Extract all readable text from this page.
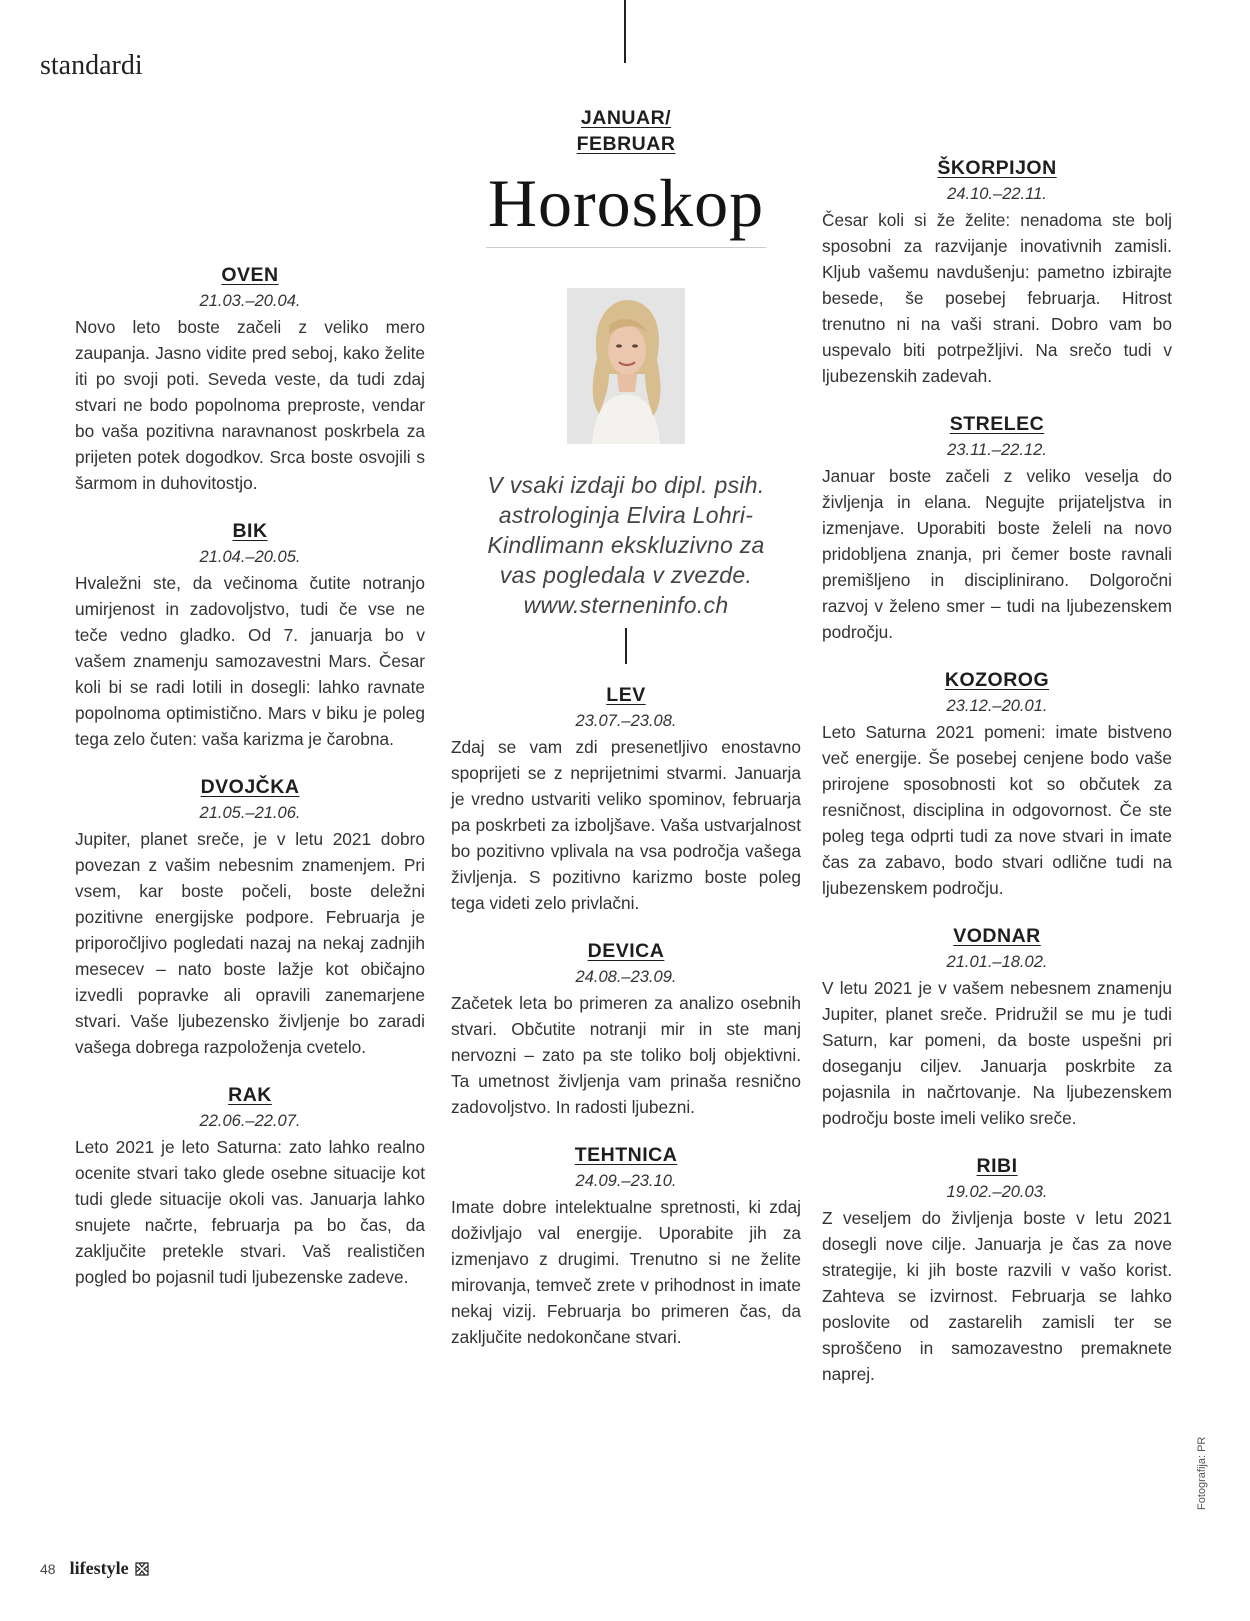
standardi
OVEN
21.03.–20.04.

Novo leto boste začeli z veliko mero zaupanja. Jasno vidite pred seboj, kako želite iti po svoji poti. Seveda veste, da tudi zdaj stvari ne bodo popolnoma preproste, vendar bo vaša pozitivna naravnanost poskrbela za prijeten potek dogodkov. Srca boste osvojili s šarmom in duhovitostjo.

BIK
21.04.–20.05.

Hvaležni ste, da večinoma čutite notranjo umirjenost in zadovoljstvo, tudi če vse ne teče vedno gladko. Od 7. januarja bo v vašem znamenju samozavestni Mars. Česar koli bi se radi lotili in dosegli: lahko ravnate popolnoma optimistično. Mars v biku je poleg tega zelo čuten: vaša karizma je čarobna.

DVOJČKA
21.05.–21.06.

Jupiter, planet sreče, je v letu 2021 dobro povezan z vašim nebesnim znamenjem. Pri vsem, kar boste počeli, boste deležni pozitivne energijske podpore. Februarja je priporočljivo pogledati nazaj na nekaj zadnjih mesecev – nato boste lažje kot običajno izvedli popravke ali opravili zanemarjene stvari. Vaše ljubezensko življenje bo zaradi vašega dobrega razpoloženja cvetelo.

RAK
22.06.–22.07.

Leto 2021 je leto Saturna: zato lahko realno ocenite stvari tako glede osebne situacije kot tudi glede situacije okoli vas. Januarja lahko snujete načrte, februarja pa bo čas, da zaključite pretekle stvari. Vaš realističen pogled bo pojasnil tudi ljubezenske zadeve.

JANUAR/
FEBRUAR
Horoskop
V vsaki izdaji bo dipl. psih.
astrologinja Elvira Lohri-
Kindlimann ekskluzivno za
vas pogledala v zvezde.
www.sterneninfo.ch
LEV
23.07.–23.08.

Zdaj se vam zdi presenetljivo enostavno spoprijeti se z neprijetnimi stvarmi. Januarja je vredno ustvariti veliko spominov, februarja pa poskrbeti za izboljšave. Vaša ustvarjalnost bo pozitivno vplivala na vsa področja vašega življenja. S pozitivno karizmo boste poleg tega videti zelo privlačni.

DEVICA
24.08.–23.09.

Začetek leta bo primeren za analizo osebnih stvari. Občutite notranji mir in ste manj nervozni – zato pa ste toliko bolj objektivni. Ta umetnost življenja vam prinaša resnično zadovoljstvo. In radosti ljubezni.

TEHTNICA
24.09.–23.10.

Imate dobre intelektualne spretnosti, ki zdaj doživljajo val energije. Uporabite jih za izmenjavo z drugimi. Trenutno si ne želite mirovanja, temveč zrete v prihodnost in imate nekaj vizij. Februarja bo primeren čas, da zaključite nedokončane stvari.

ŠKORPIJON
24.10.–22.11.

Česar koli si že želite: nenadoma ste bolj sposobni za razvijanje inovativnih zamisli. Kljub vašemu navdušenju: pametno izbirajte besede, še posebej februarja. Hitrost trenutno ni na vaši strani. Dobro vam bo uspevalo biti potrpežljivi. Na srečo tudi v ljubezenskih zadevah.

STRELEC
23.11.–22.12.

Januar boste začeli z veliko veselja do življenja in elana. Negujte prijateljstva in izmenjave. Uporabiti boste želeli na novo pridobljena znanja, pri čemer boste ravnali premišljeno in disciplinirano. Dolgoročni razvoj v želeno smer – tudi na ljubezenskem področju.

KOZOROG
23.12.–20.01.

Leto Saturna 2021 pomeni: imate bistveno več energije. Še posebej cenjene bodo vaše prirojene sposobnosti kot so občutek za resničnost, disciplina in odgovornost. Če ste poleg tega odprti tudi za nove stvari in imate čas za zabavo, bodo stvari odlične tudi na ljubezenskem področju.

VODNAR
21.01.–18.02.

V letu 2021 je v vašem nebesnem znamenju Jupiter, planet sreče. Pridružil se mu je tudi Saturn, kar pomeni, da boste uspešni pri doseganju ciljev. Januarja poskrbite za pojasnila in načrtovanje. Na ljubezenskem področju boste imeli veliko sreče.

RIBI
19.02.–20.03.

Z veseljem do življenja boste v letu 2021 dosegli nove cilje. Januarja je čas za nove strategije, ki jih boste razvili v vašo korist. Zahteva se izvirnost. Februarja se lahko poslovite od zastarelih zamisli ter se sproščeno in samozavestno premaknete naprej.

Fotografija: PR
48 lifestyle
